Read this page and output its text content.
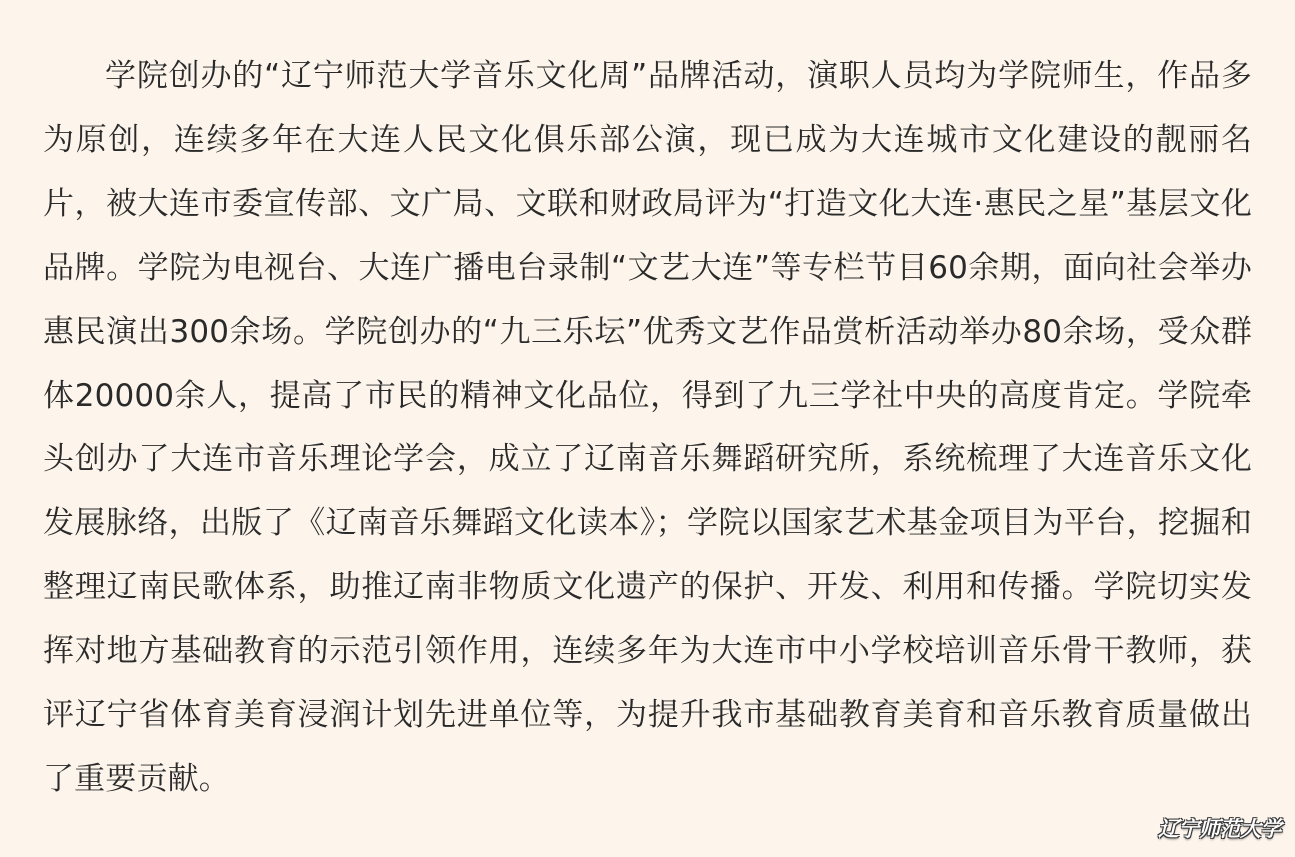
学院创办的“辽宁师范大学音乐文化周”品牌活动，演职人员均为学院师生，作品多为原创，连续多年在大连人民文化俱乐部公演，现已成为大连城市文化建设的靓丽名片，被大连市委宣传部、文广局、文联和财政局评为“打造文化大连·惠民之星”基层文化品牌。学院为电视台、大连广播电台录制“文艺大连”等专栏节目60余期，面向社会举办惠民演出300余场。学院创办的“九三乐坛”优秀文艺作品赏析活动举办80余场，受众群体20000余人，提高了市民的精神文化品位，得到了九三学社中央的高度肯定。学院牵头创办了大连市音乐理论学会，成立了辽南音乐舞蹈研究所，系统梳理了大连音乐文化发展脉络，出版了《辽南音乐舞蹈文化读本》；学院以国家艺术基金项目为平台，挖掘和整理辽南民歌体系，助推辽南非物质文化遗产的保护、开发、利用和传播。学院切实发挥对地方基础教育的示范引领作用，连续多年为大连市中小学校培训音乐骨干教师，获评辽宁省体育美育浸润计划先进单位等，为提升我市基础教育美育和音乐教育质量做出了重要贡献。

辽宁师范大学
